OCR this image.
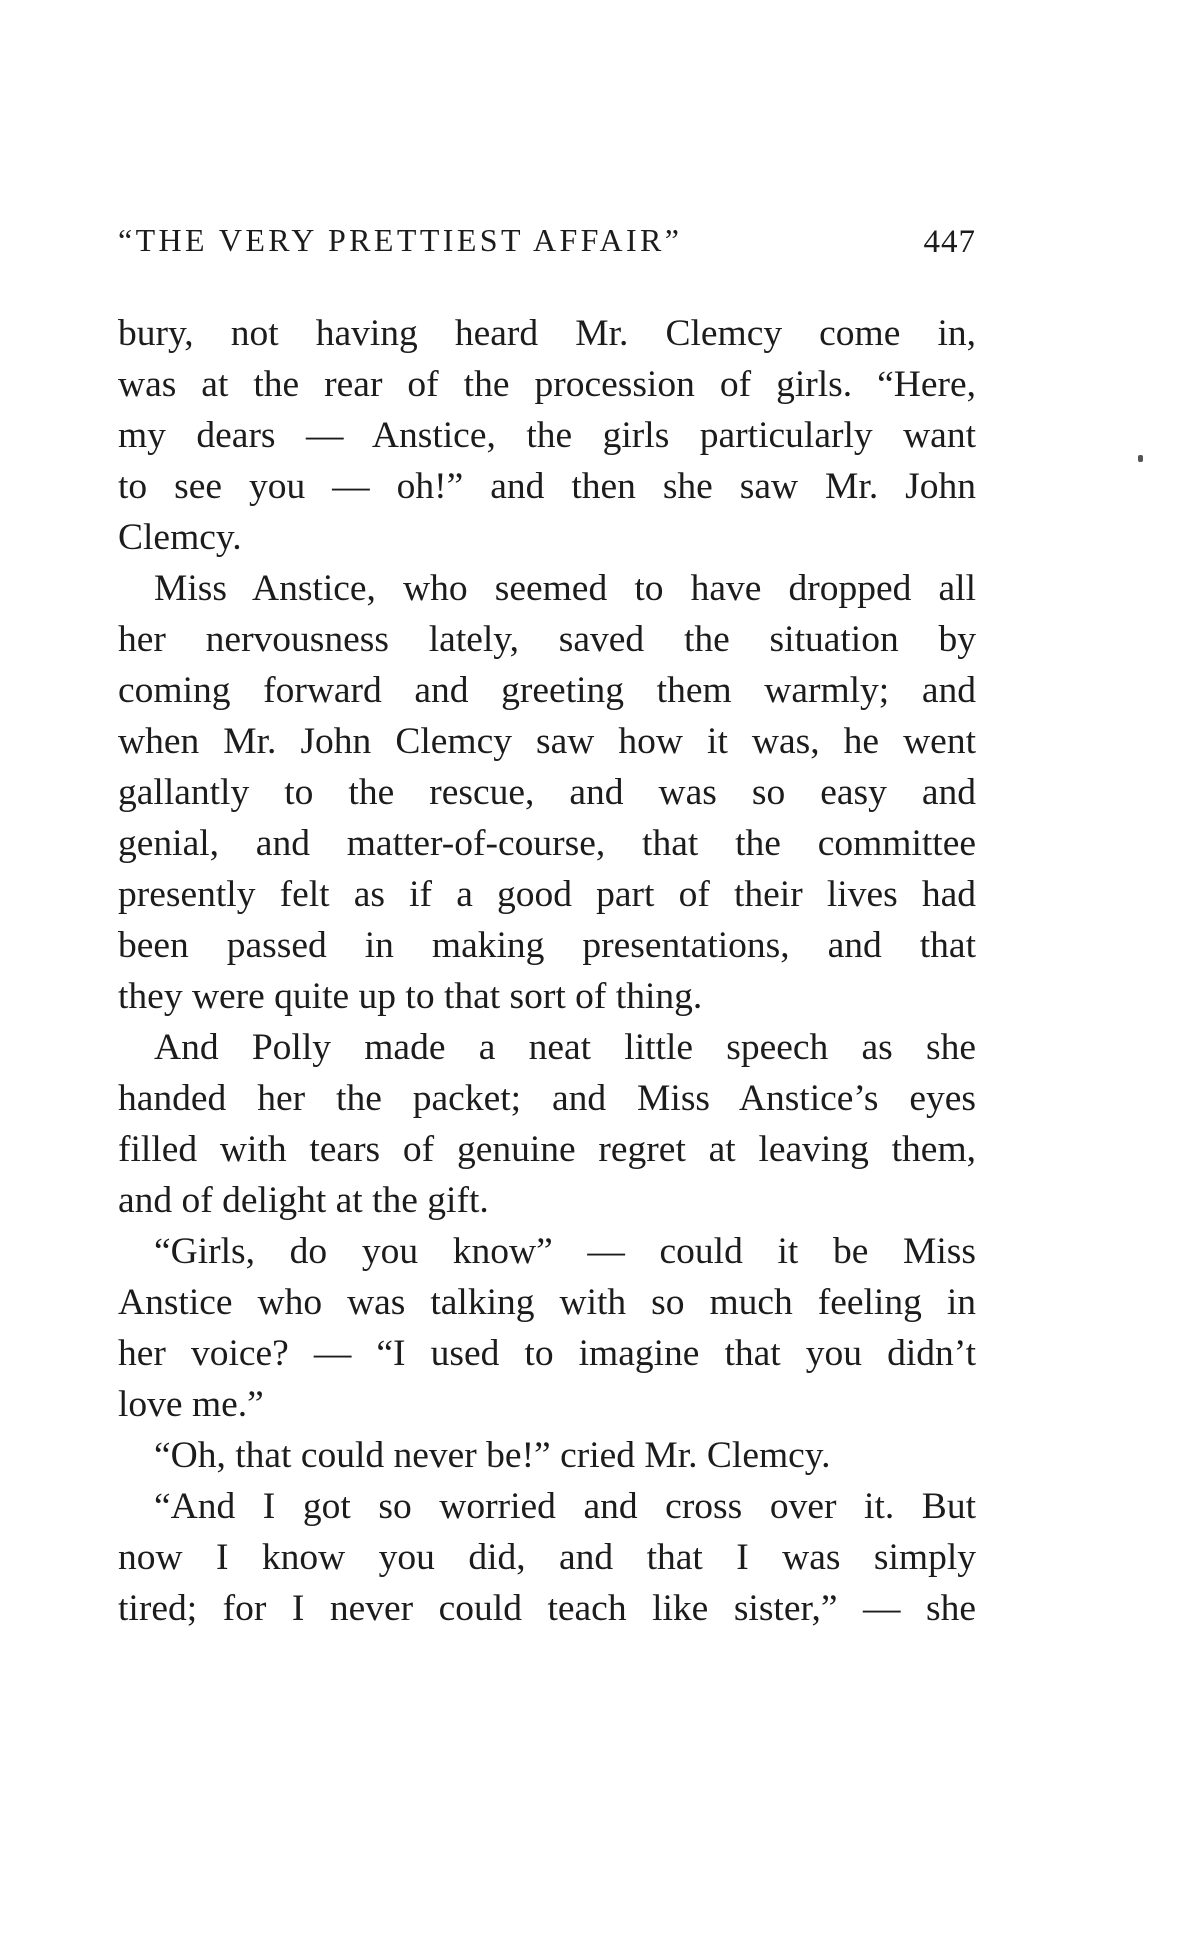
“THE VERY PRETTIEST AFFAIR”	447
bury, not having heard Mr. Clemcy come in,
was at the rear of the procession of girls. “Here,
my dears — Anstice, the girls particularly want
to see you — oh!” and then she saw Mr. John
Clemcy.
Miss Anstice, who seemed to have dropped all
her nervousness lately, saved the situation by
coming forward and greeting them warmly; and
when Mr. John Clemcy saw how it was, he went
gallantly to the rescue, and was so easy and
genial, and matter-of-course, that the committee
presently felt as if a good part of their lives had
been passed in making presentations, and that
they were quite up to that sort of thing.
And Polly made a neat little speech as she
handed her the packet; and Miss Anstice’s eyes
filled with tears of genuine regret at leaving them,
and of delight at the gift.
“Girls, do you know” — could it be Miss
Anstice who was talking with so much feeling in
her voice? — “I used to imagine that you didn’t
love me.”
“Oh, that could never be!” cried Mr. Clemcy.
“And I got so worried and cross over it. But
now I know you did, and that I was simply
tired; for I never could teach like sister,” — she
